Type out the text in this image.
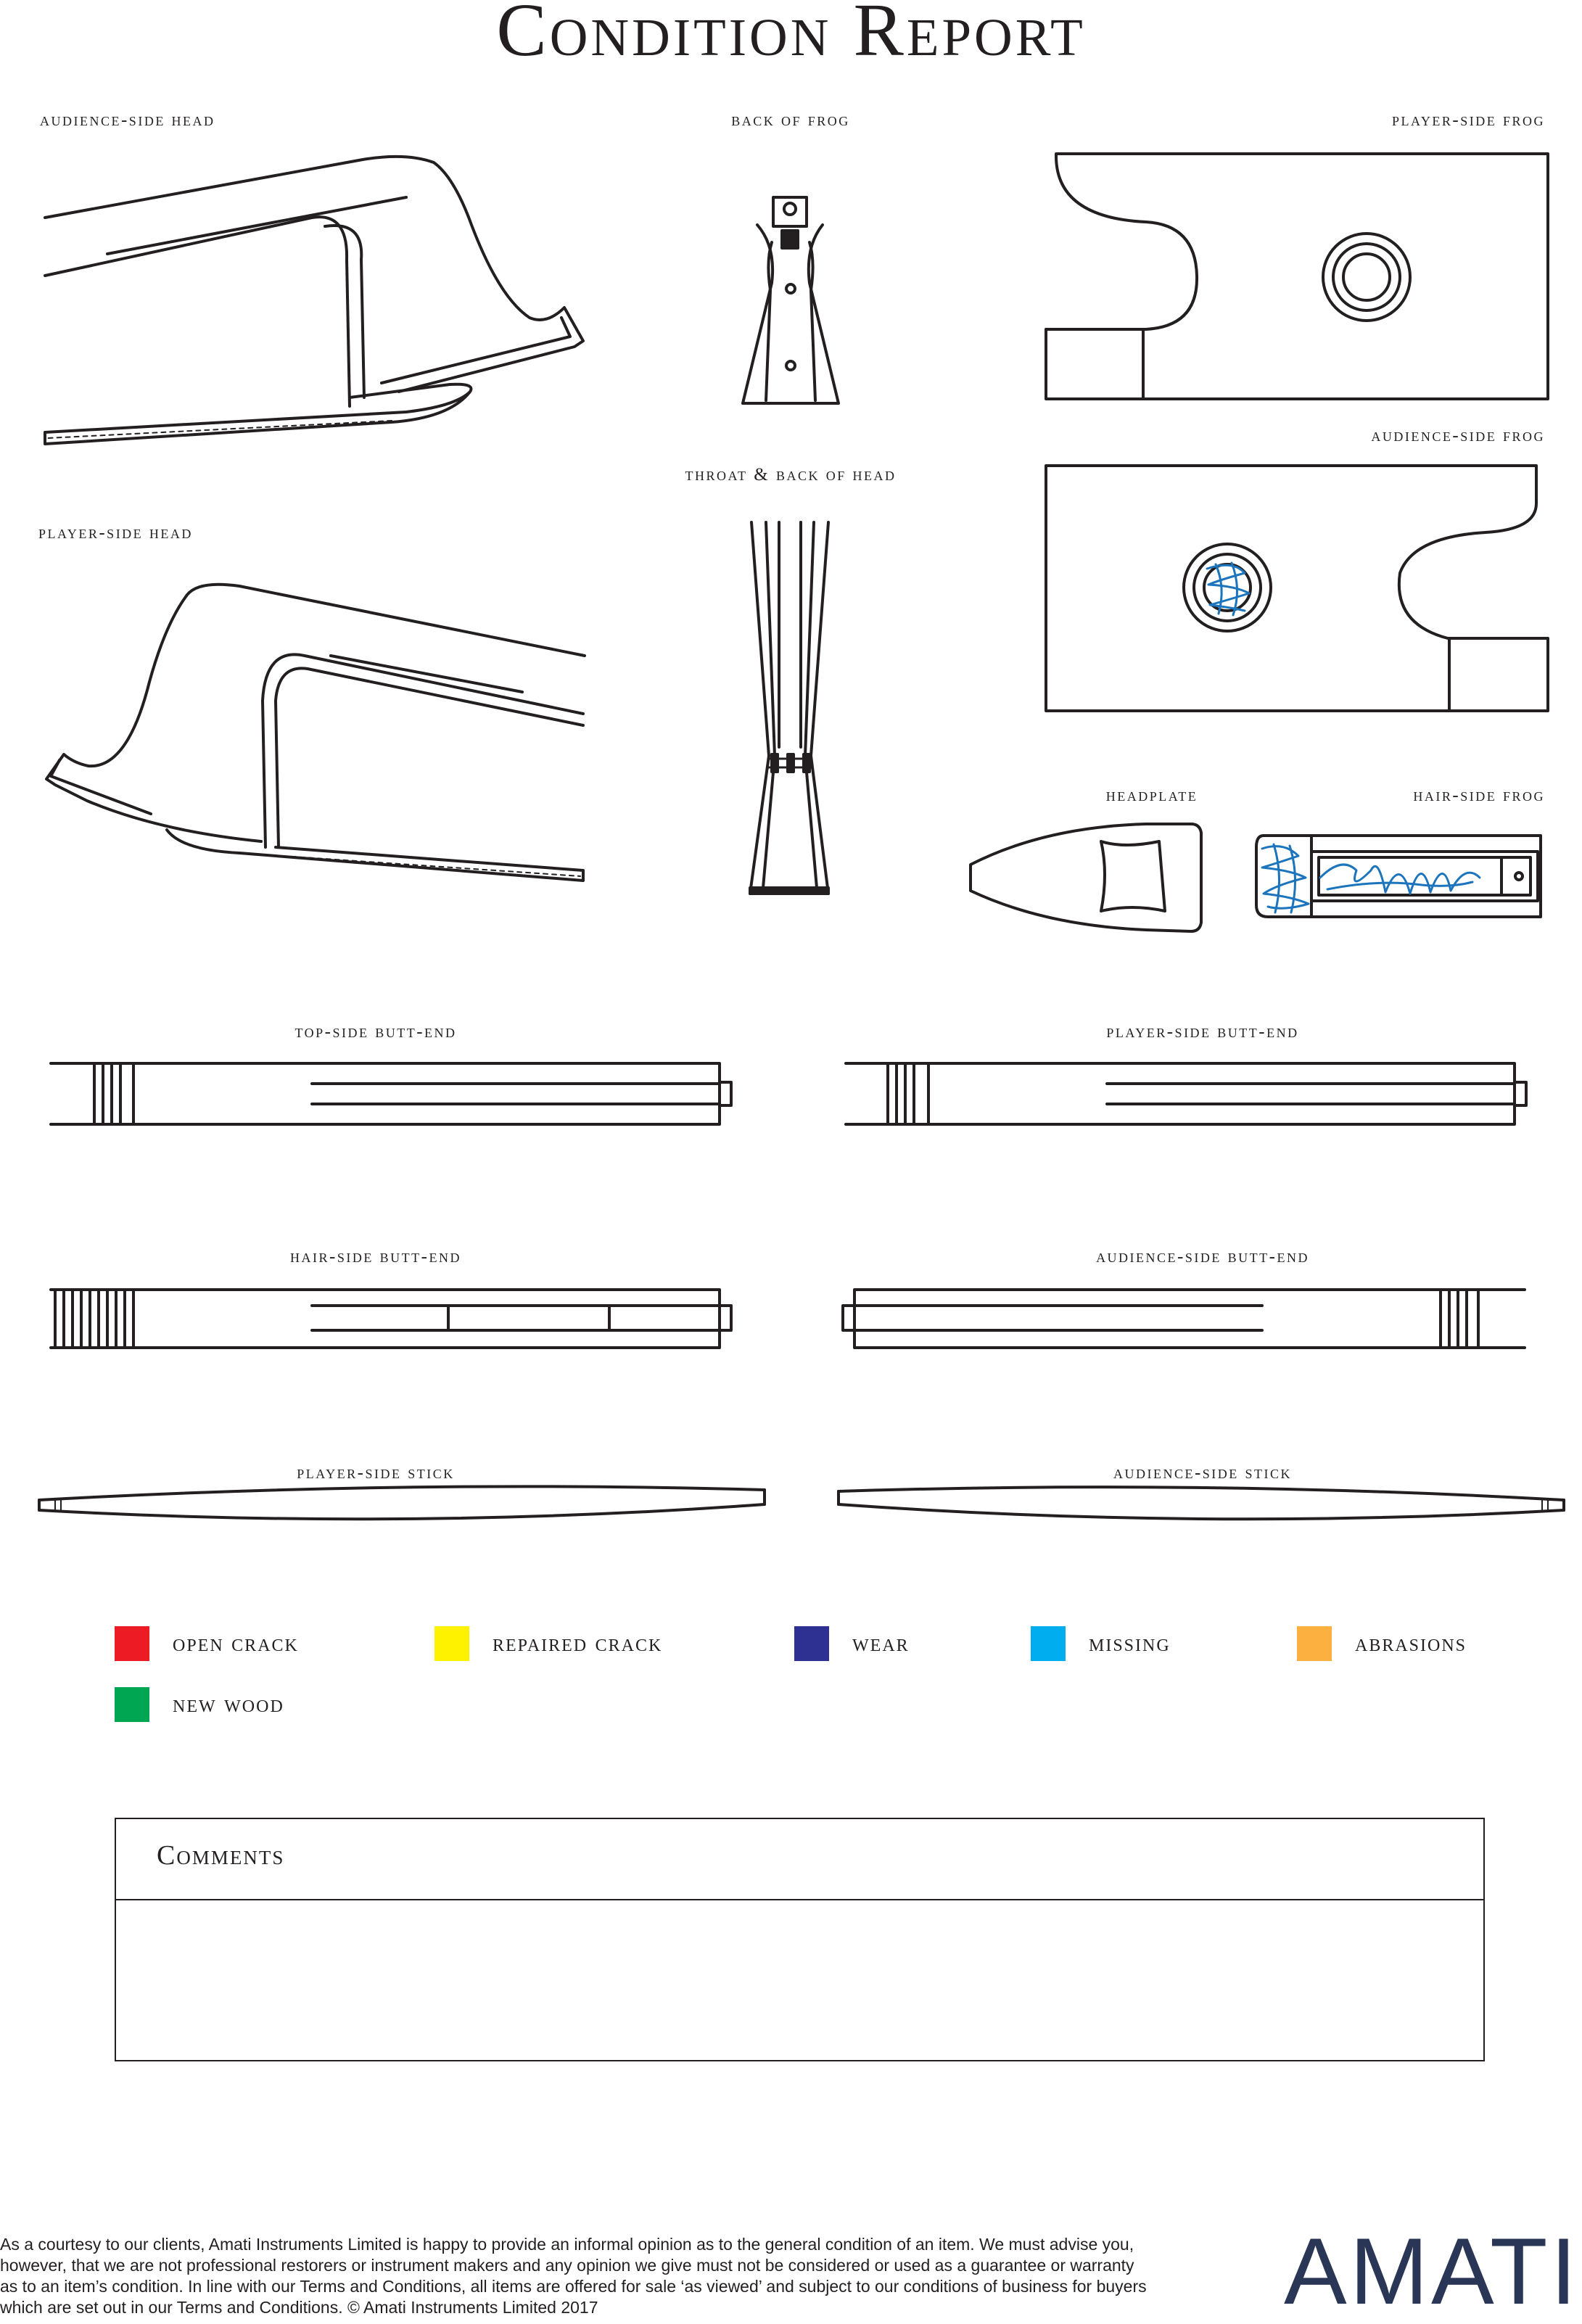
Condition Report
audience-side head	back of frog	player-side frog
audience-side frog
throat & back of head
player-side head
headplate	hair-side frog
top-side butt-end	player-side butt-end
hair-side butt-end	audience-side butt-end
player-side stick	audience-side stick
open crack	repaired crack	wear	missing	abrasions
new wood
Comments
As a courtesy to our clients, Amati Instruments Limited is happy to provide an informal opinion as to the general condition of an item. We must advise you, however, that we are not professional restorers or instrument makers and any opinion we give must not be considered or used as a guarantee or warranty as to an item’s condition. In line with our Terms and Conditions, all items are offered for sale ‘as viewed’ and subject to our conditions of business for buyers which are set out in our Terms and Conditions. © Amati Instruments Limited 2017	AMATI
